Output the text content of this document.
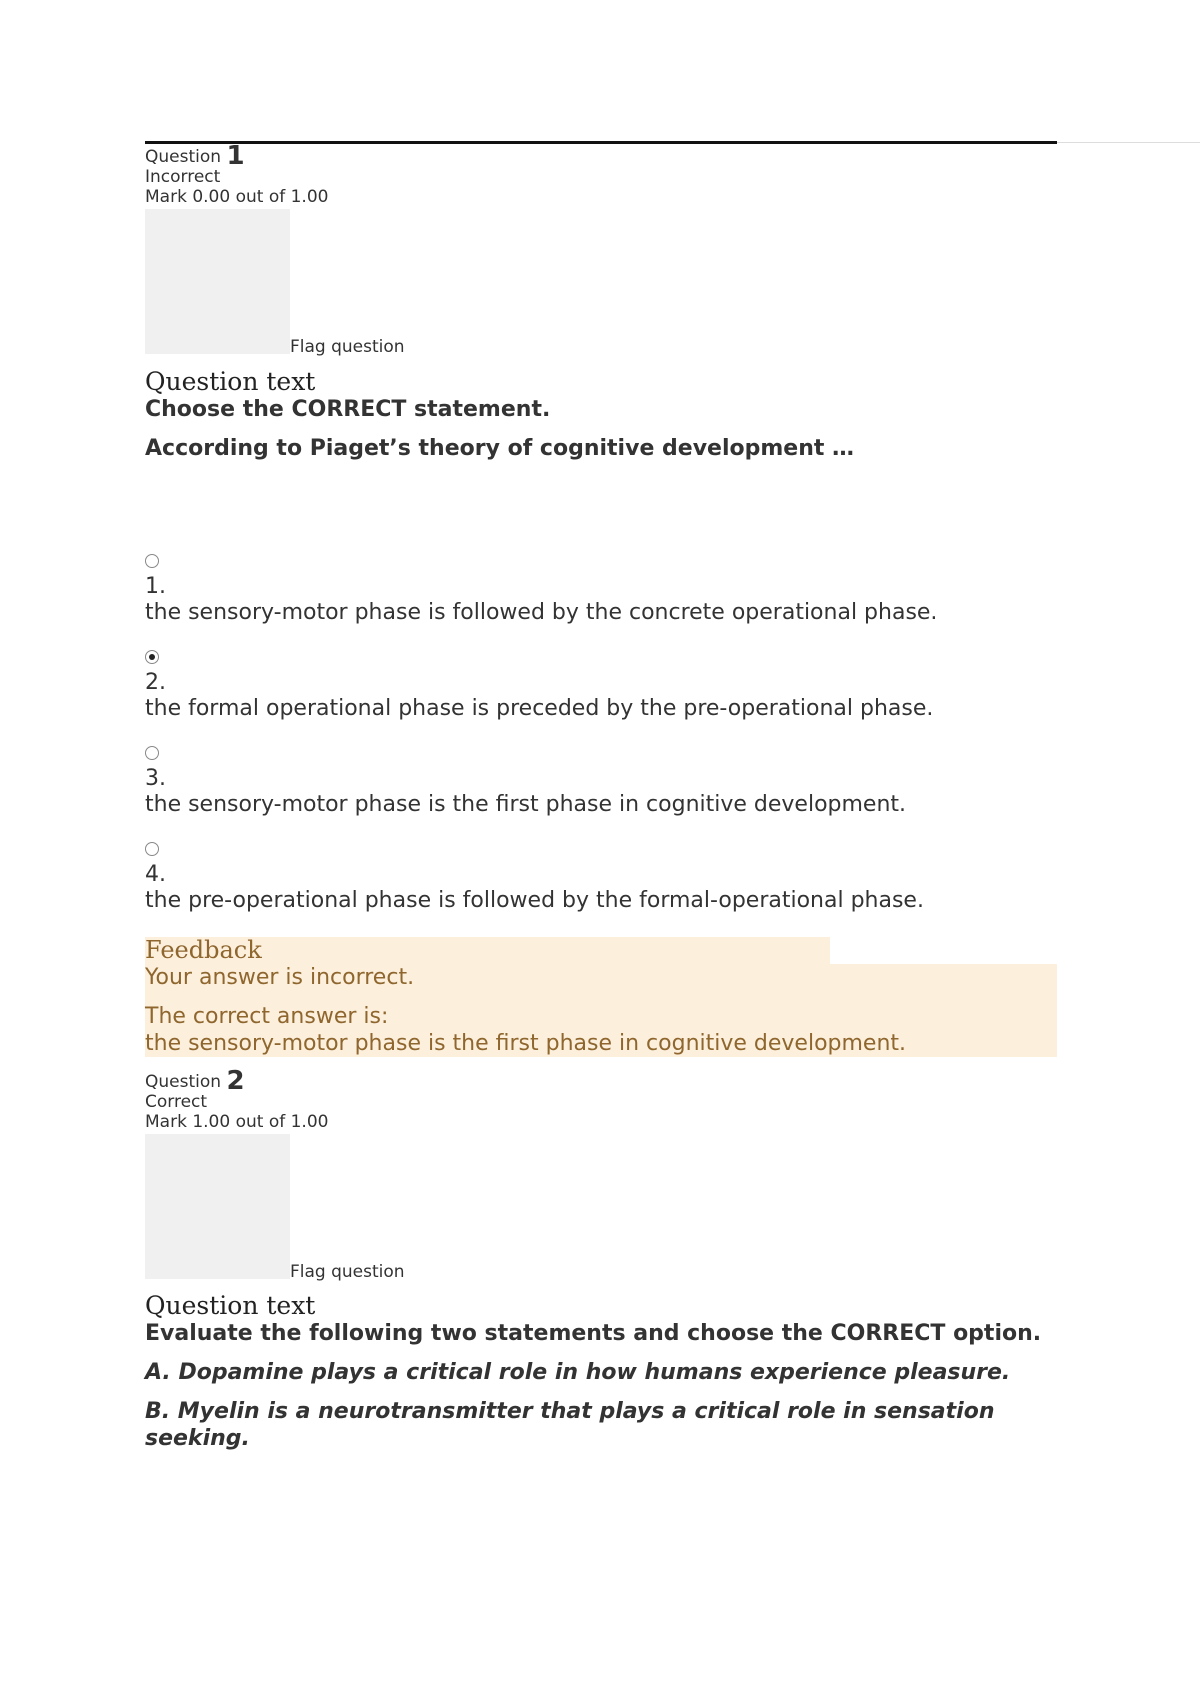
Question 1
Incorrect
Mark 0.00 out of 1.00
Flag question
Question text

Choose the CORRECT statement.

According to Piaget’s theory of cognitive development …

1.
the sensory-motor phase is followed by the concrete operational phase.
2.
the formal operational phase is preceded by the pre-operational phase.
3.
the sensory-motor phase is the first phase in cognitive development.
4.
the pre-operational phase is followed by the formal-operational phase.
Feedback
Your answer is incorrect.
The correct answer is:
the sensory-motor phase is the first phase in cognitive development.
Question 2
Correct
Mark 1.00 out of 1.00
Flag question
Question text

Evaluate the following two statements and choose the CORRECT option.

A. Dopamine plays a critical role in how humans experience pleasure.

B. Myelin is a neurotransmitter that plays a critical role in sensation seeking.
